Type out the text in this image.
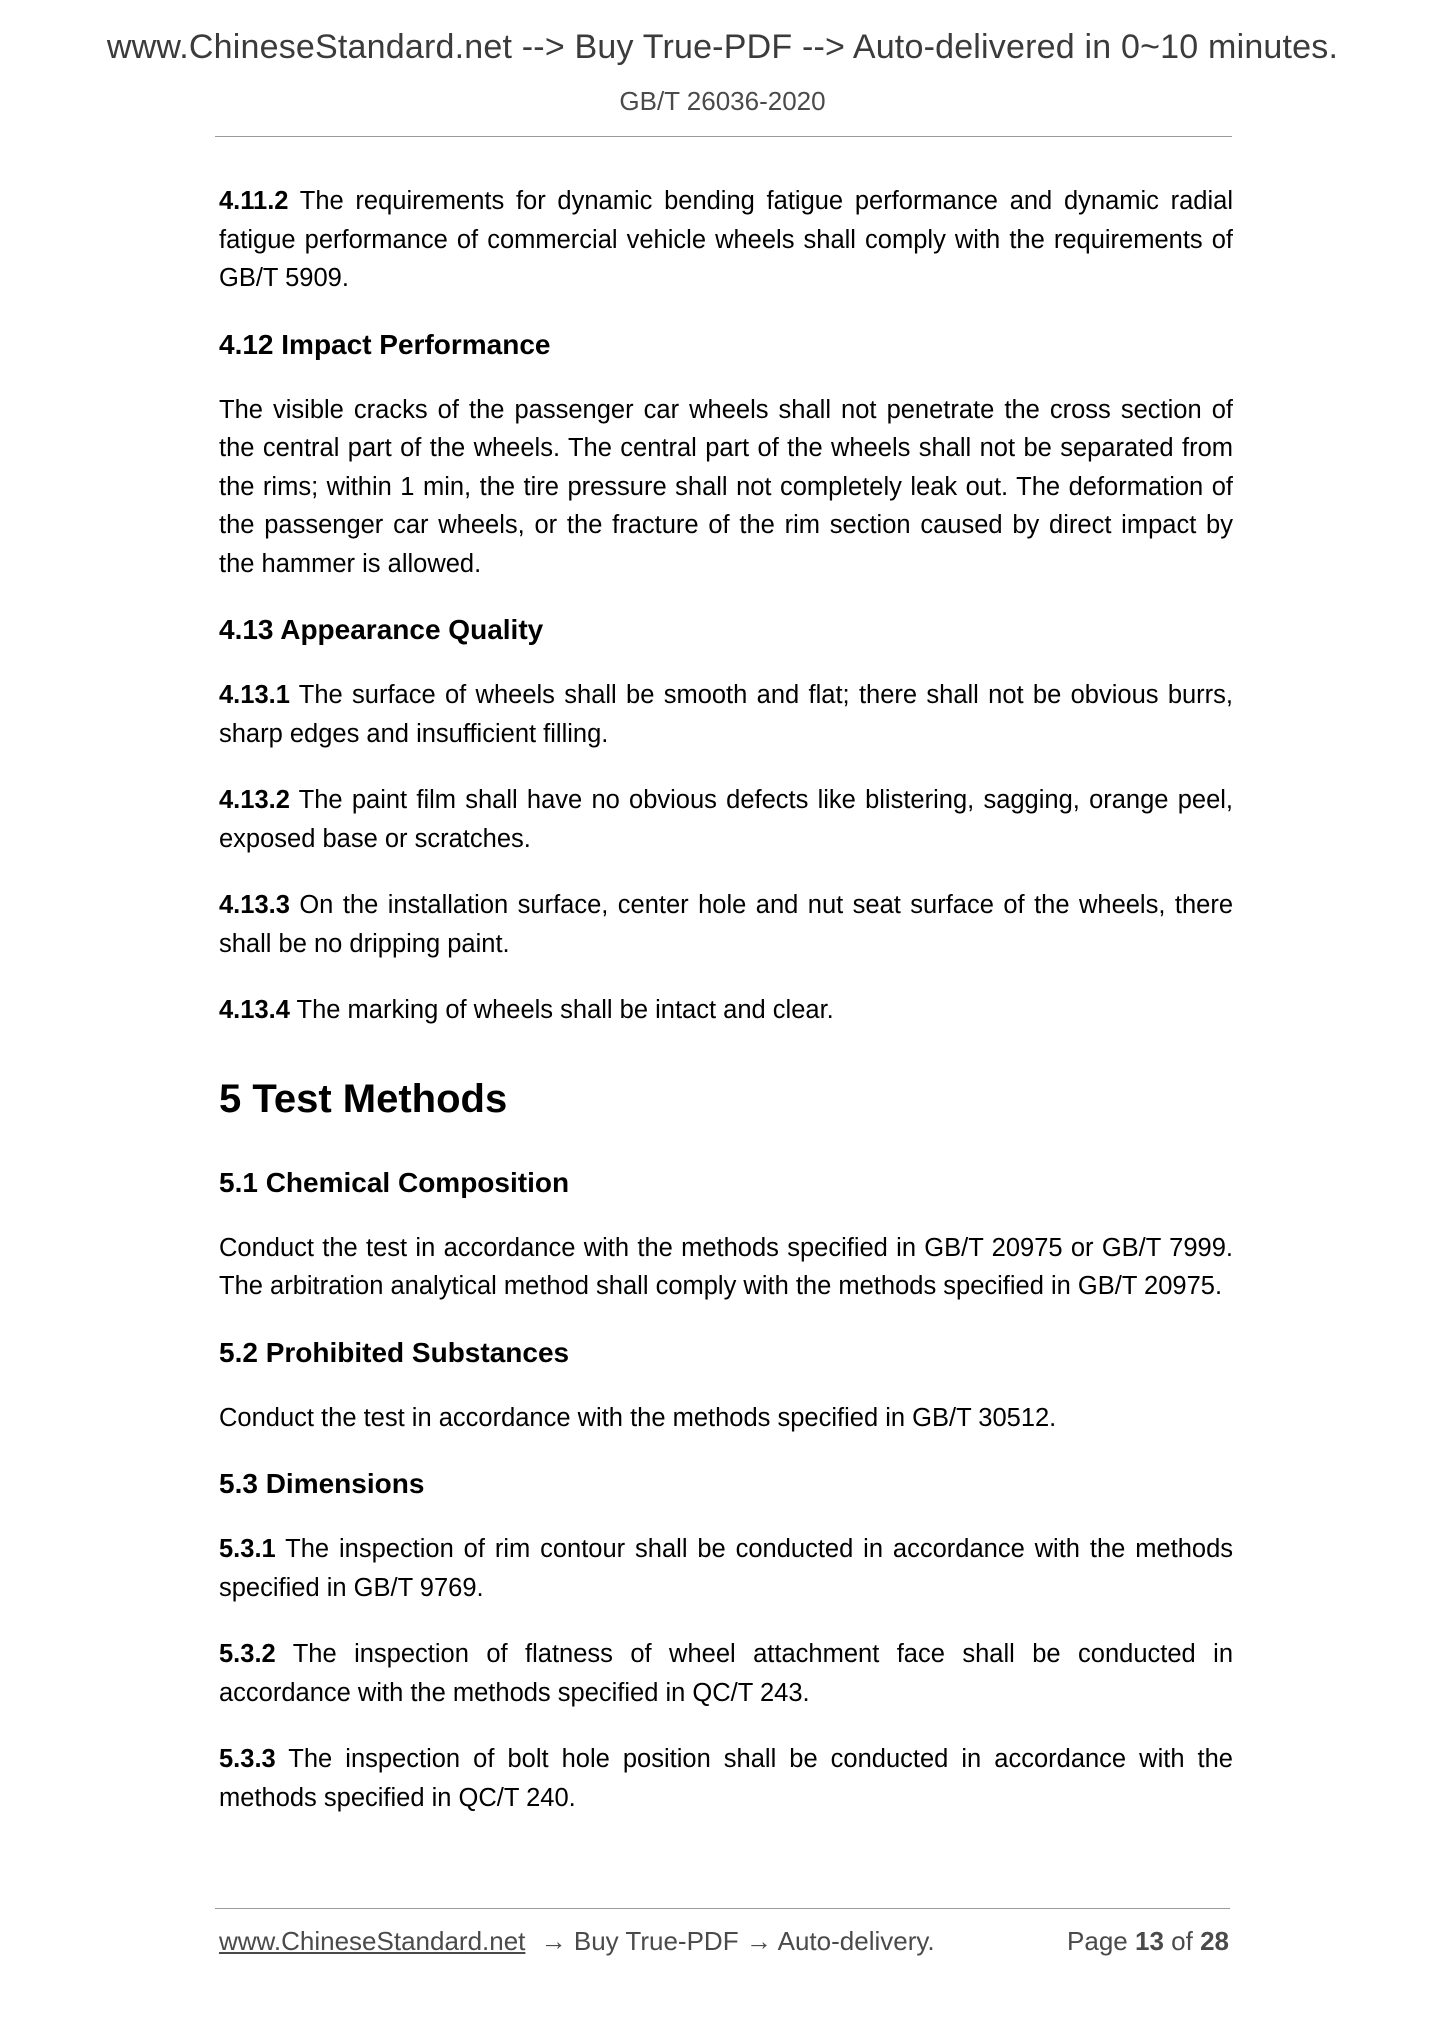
www.ChineseStandard.net --> Buy True-PDF --> Auto-delivered in 0~10 minutes.
GB/T 26036-2020

4.11.2 The requirements for dynamic bending fatigue performance and dynamic radial fatigue performance of commercial vehicle wheels shall comply with the requirements of GB/T 5909.

4.12 Impact Performance

The visible cracks of the passenger car wheels shall not penetrate the cross section of the central part of the wheels. The central part of the wheels shall not be separated from the rims; within 1 min, the tire pressure shall not completely leak out. The deformation of the passenger car wheels, or the fracture of the rim section caused by direct impact by the hammer is allowed.

4.13 Appearance Quality

4.13.1 The surface of wheels shall be smooth and flat; there shall not be obvious burrs, sharp edges and insufficient filling.

4.13.2 The paint film shall have no obvious defects like blistering, sagging, orange peel, exposed base or scratches.

4.13.3 On the installation surface, center hole and nut seat surface of the wheels, there shall be no dripping paint.

4.13.4 The marking of wheels shall be intact and clear.

5 Test Methods
5.1 Chemical Composition

Conduct the test in accordance with the methods specified in GB/T 20975 or GB/T 7999. The arbitration analytical method shall comply with the methods specified in GB/T 20975.

5.2 Prohibited Substances

Conduct the test in accordance with the methods specified in GB/T 30512.

5.3 Dimensions

5.3.1 The inspection of rim contour shall be conducted in accordance with the methods specified in GB/T 9769.

5.3.2 The inspection of flatness of wheel attachment face shall be conducted in accordance with the methods specified in QC/T 243.

5.3.3 The inspection of bolt hole position shall be conducted in accordance with the methods specified in QC/T 240.

www.ChineseStandard.net → Buy True-PDF → Auto-delivery.	Page 13 of 28
